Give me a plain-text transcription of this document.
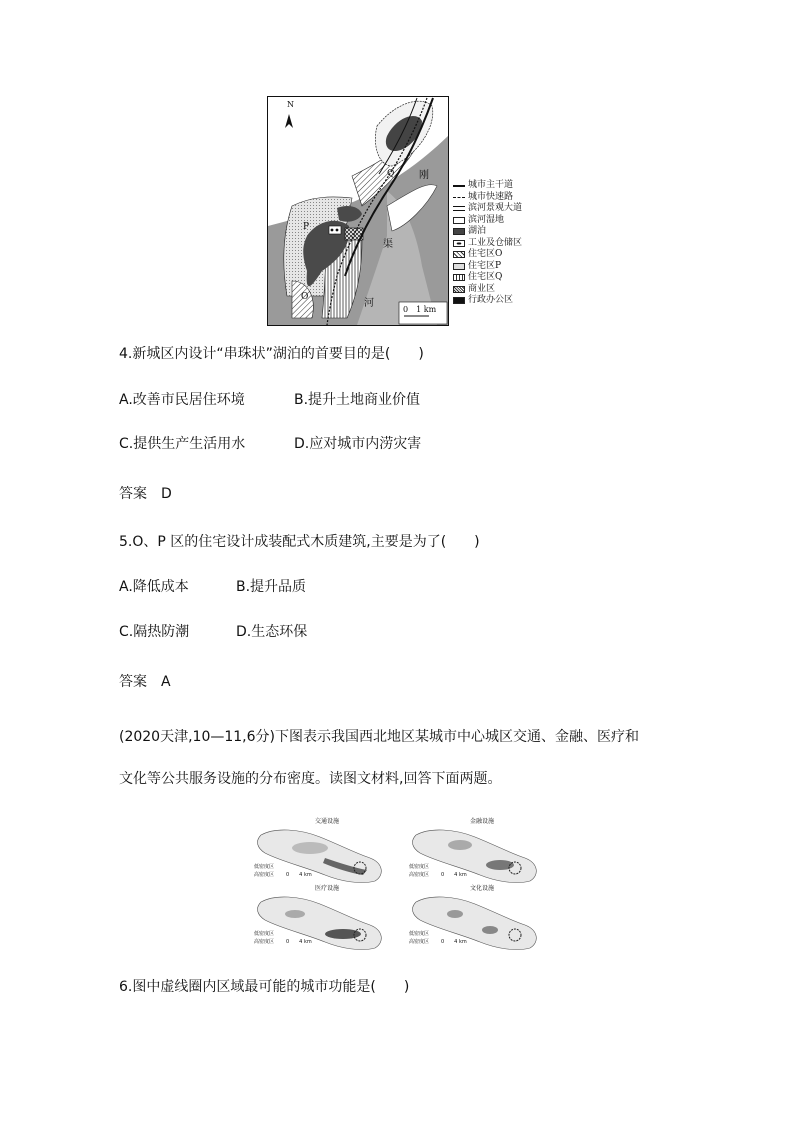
N
刚
渠
河
P
O
Q
0　1 km
城市主干道
城市快速路
滨河景观大道
滨河湿地
湖泊
工业及仓储区
住宅区O
住宅区P
住宅区Q
商业区
行政办公区
4.新城区内设计“串珠状”湖泊的首要目的是(　　)
A.改善市民居住环境	B.提升土地商业价值
C.提供生产生活用水	D.应对城市内涝灾害
答案　D
5.O、P 区的住宅设计成装配式木质建筑,主要是为了(　　)
A.降低成本	B.提升品质
C.隔热防潮	D.生态环保
答案　A
(2020天津,10—11,6分)下图表示我国西北地区某城市中心城区交通、金融、医疗和
文化等公共服务设施的分布密度。读图文材料,回答下面两题。
交通设施	金融设施
医疗设施	文化设施
低密度区
高密度区 0　　4 km
低密度区
高密度区 0　　4 km
低密度区
高密度区 0　　4 km
低密度区
高密度区 0　　4 km
6.图中虚线圈内区域最可能的城市功能是(　　)
